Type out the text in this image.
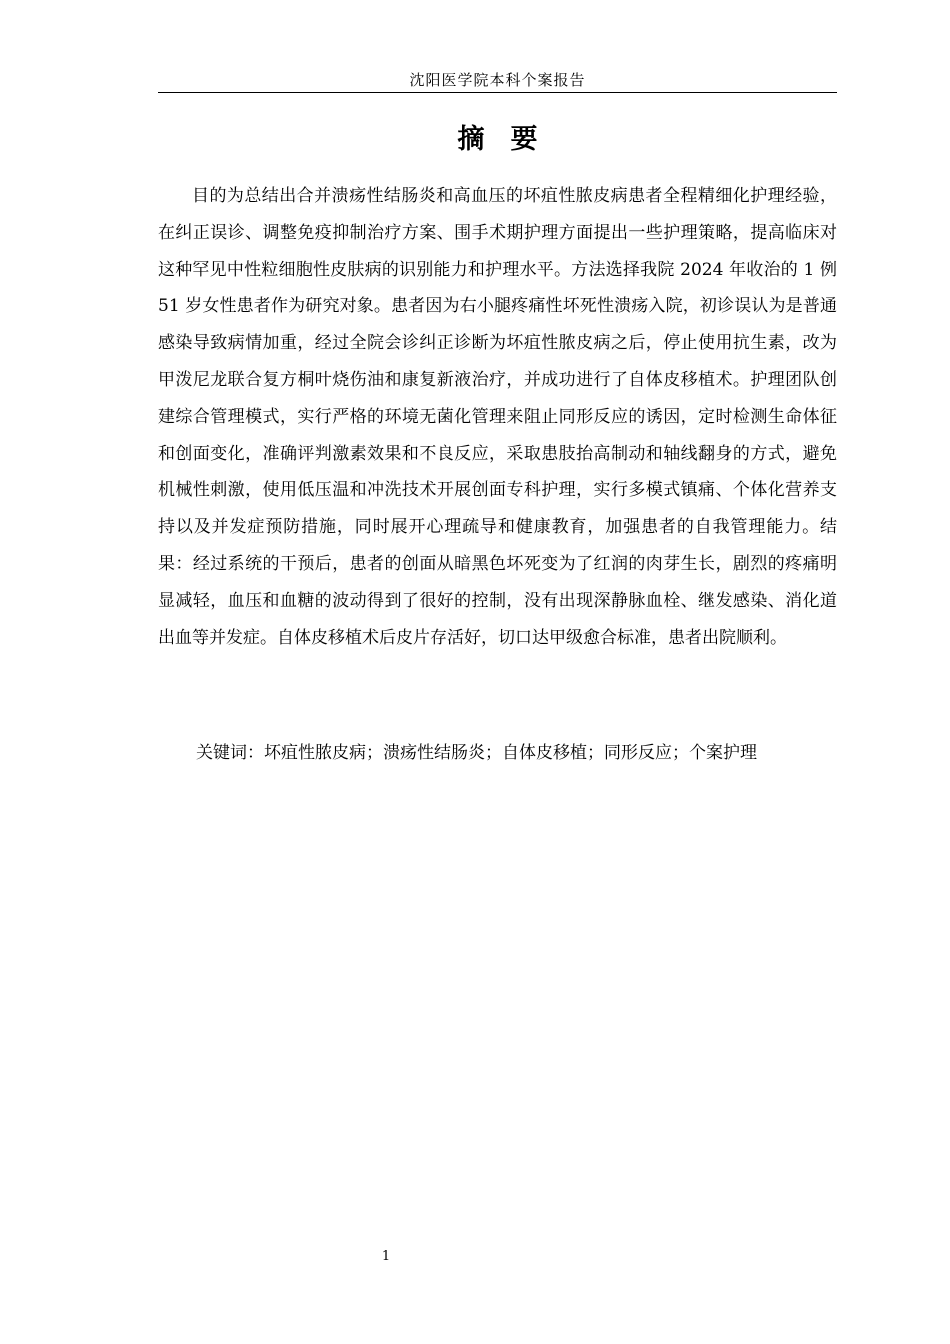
沈阳医学院本科个案报告
摘要

目的为总结出合并溃疡性结肠炎和高血压的坏疽性脓皮病患者全程精细化护理经验，在纠正误诊、调整免疫抑制治疗方案、围手术期护理方面提出一些护理策略，提高临床对这种罕见中性粒细胞性皮肤病的识别能力和护理水平。方法选择我院 2024 年收治的 1 例 51 岁女性患者作为研究对象。患者因为右小腿疼痛性坏死性溃疡入院，初诊误认为是普通感染导致病情加重，经过全院会诊纠正诊断为坏疽性脓皮病之后，停止使用抗生素，改为甲泼尼龙联合复方桐叶烧伤油和康复新液治疗，并成功进行了自体皮移植术。护理团队创建综合管理模式，实行严格的环境无菌化管理来阻止同形反应的诱因，定时检测生命体征和创面变化，准确评判激素效果和不良反应，采取患肢抬高制动和轴线翻身的方式，避免机械性刺激，使用低压温和冲洗技术开展创面专科护理，实行多模式镇痛、个体化营养支持以及并发症预防措施，同时展开心理疏导和健康教育，加强患者的自我管理能力。结果：经过系统的干预后，患者的创面从暗黑色坏死变为了红润的肉芽生长，剧烈的疼痛明显减轻，血压和血糖的波动得到了很好的控制，没有出现深静脉血栓、继发感染、消化道出血等并发症。自体皮移植术后皮片存活好，切口达甲级愈合标准，患者出院顺利。

关键词：坏疽性脓皮病；溃疡性结肠炎；自体皮移植；同形反应；个案护理

1
